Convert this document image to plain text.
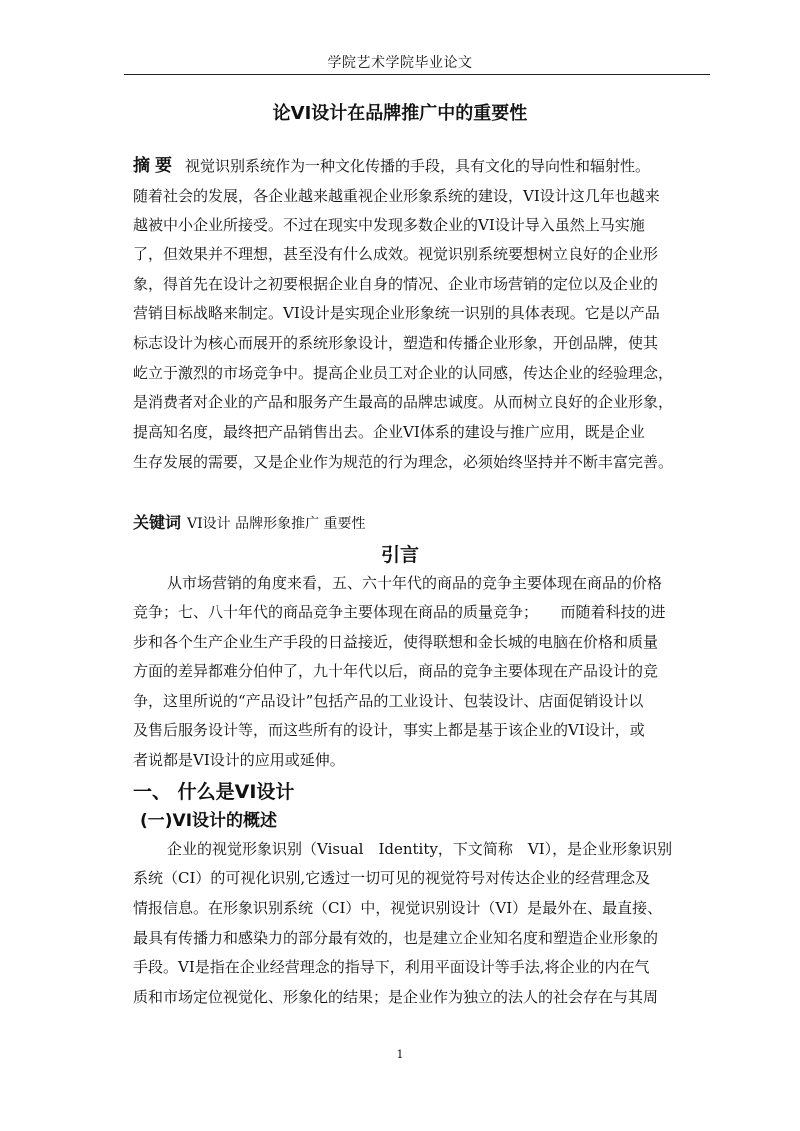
学院艺术学院毕业论文
论VI设计在品牌推广中的重要性
摘要 视觉识别系统作为一种文化传播的手段，具有文化的导向性和辐射性。
随着社会的发展，各企业越来越重视企业形象系统的建设，VI设计这几年也越来
越被中小企业所接受。不过在现实中发现多数企业的VI设计导入虽然上马实施
了，但效果并不理想，甚至没有什么成效。视觉识别系统要想树立良好的企业形
象，得首先在设计之初要根据企业自身的情况、企业市场营销的定位以及企业的
营销目标战略来制定。VI设计是实现企业形象统一识别的具体表现。它是以产品
标志设计为核心而展开的系统形象设计，塑造和传播企业形象，开创品牌，使其
屹立于激烈的市场竞争中。提高企业员工对企业的认同感，传达企业的经验理念，
是消费者对企业的产品和服务产生最高的品牌忠诚度。从而树立良好的企业形象，
提高知名度，最终把产品销售出去。企业VI体系的建设与推广应用，既是企业
生存发展的需要，又是企业作为规范的行为理念，必须始终坚持并不断丰富完善。
关键词 VI设计 品牌形象推广 重要性
引言
从市场营销的角度来看，五、六十年代的商品的竞争主要体现在商品的价格
竞争；七、八十年代的商品竞争主要体现在商品的质量竞争；　　而随着科技的进
步和各个生产企业生产手段的日益接近，使得联想和金长城的电脑在价格和质量
方面的差异都难分伯仲了，九十年代以后，商品的竞争主要体现在产品设计的竞
争，这里所说的“产品设计”包括产品的工业设计、包装设计、店面促销设计以
及售后服务设计等，而这些所有的设计，事实上都是基于该企业的VI设计，或
者说都是VI设计的应用或延伸。
一、 什么是VI设计
(一)VI设计的概述
企业的视觉形象识别（Visual　Identity，下文简称　VI），是企业形象识别
系统（CI）的可视化识别,它透过一切可见的视觉符号对传达企业的经营理念及
情报信息。在形象识别系统（CI）中，视觉识别设计（VI）是最外在、最直接、
最具有传播力和感染力的部分最有效的，也是建立企业知名度和塑造企业形象的
手段。VI是指在企业经营理念的指导下，利用平面设计等手法,将企业的内在气
质和市场定位视觉化、形象化的结果；是企业作为独立的法人的社会存在与其周
1
